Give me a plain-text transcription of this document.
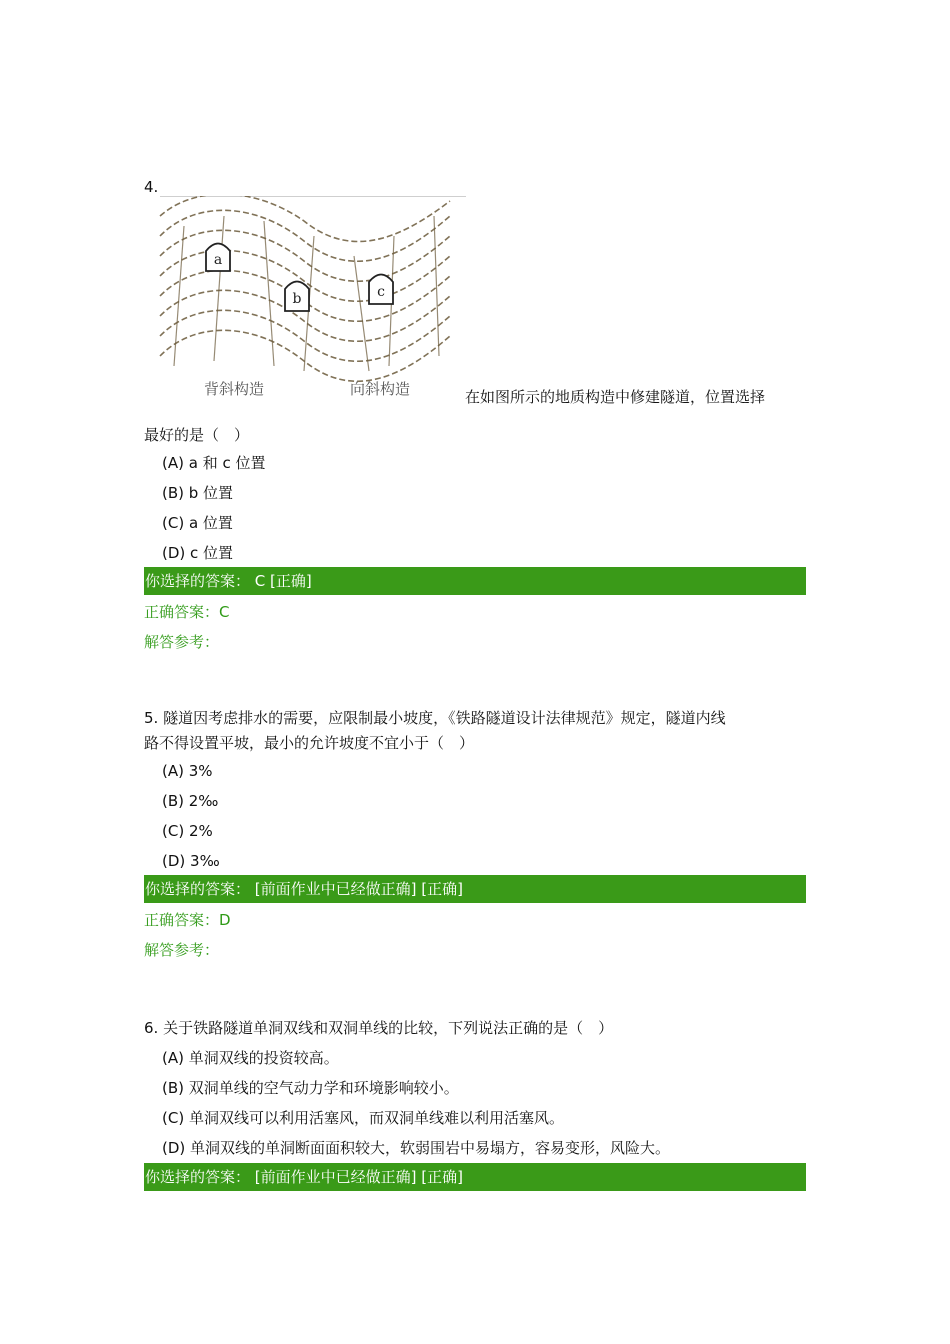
4.
a
b	c
背斜构造	向斜构造	在如图所示的地质构造中修建隧道，位置选择
最好的是（　）
(A) a 和 c 位置
(B) b 位置
(C) a 位置
(D) c 位置
你选择的答案： C [正确]
正确答案：C
解答参考：
5. 隧道因考虑排水的需要，应限制最小坡度，《铁路隧道设计法律规范》规定，隧道内线
路不得设置平坡，最小的允许坡度不宜小于（　）
(A) 3%
(B) 2‰
(C) 2%
(D) 3‰
你选择的答案： [前面作业中已经做正确] [正确]
正确答案：D
解答参考：
6. 关于铁路隧道单洞双线和双洞单线的比较，下列说法正确的是（　）
(A) 单洞双线的投资较高。
(B) 双洞单线的空气动力学和环境影响较小。
(C) 单洞双线可以利用活塞风，而双洞单线难以利用活塞风。
(D) 单洞双线的单洞断面面积较大，软弱围岩中易塌方，容易变形，风险大。
你选择的答案： [前面作业中已经做正确] [正确]
